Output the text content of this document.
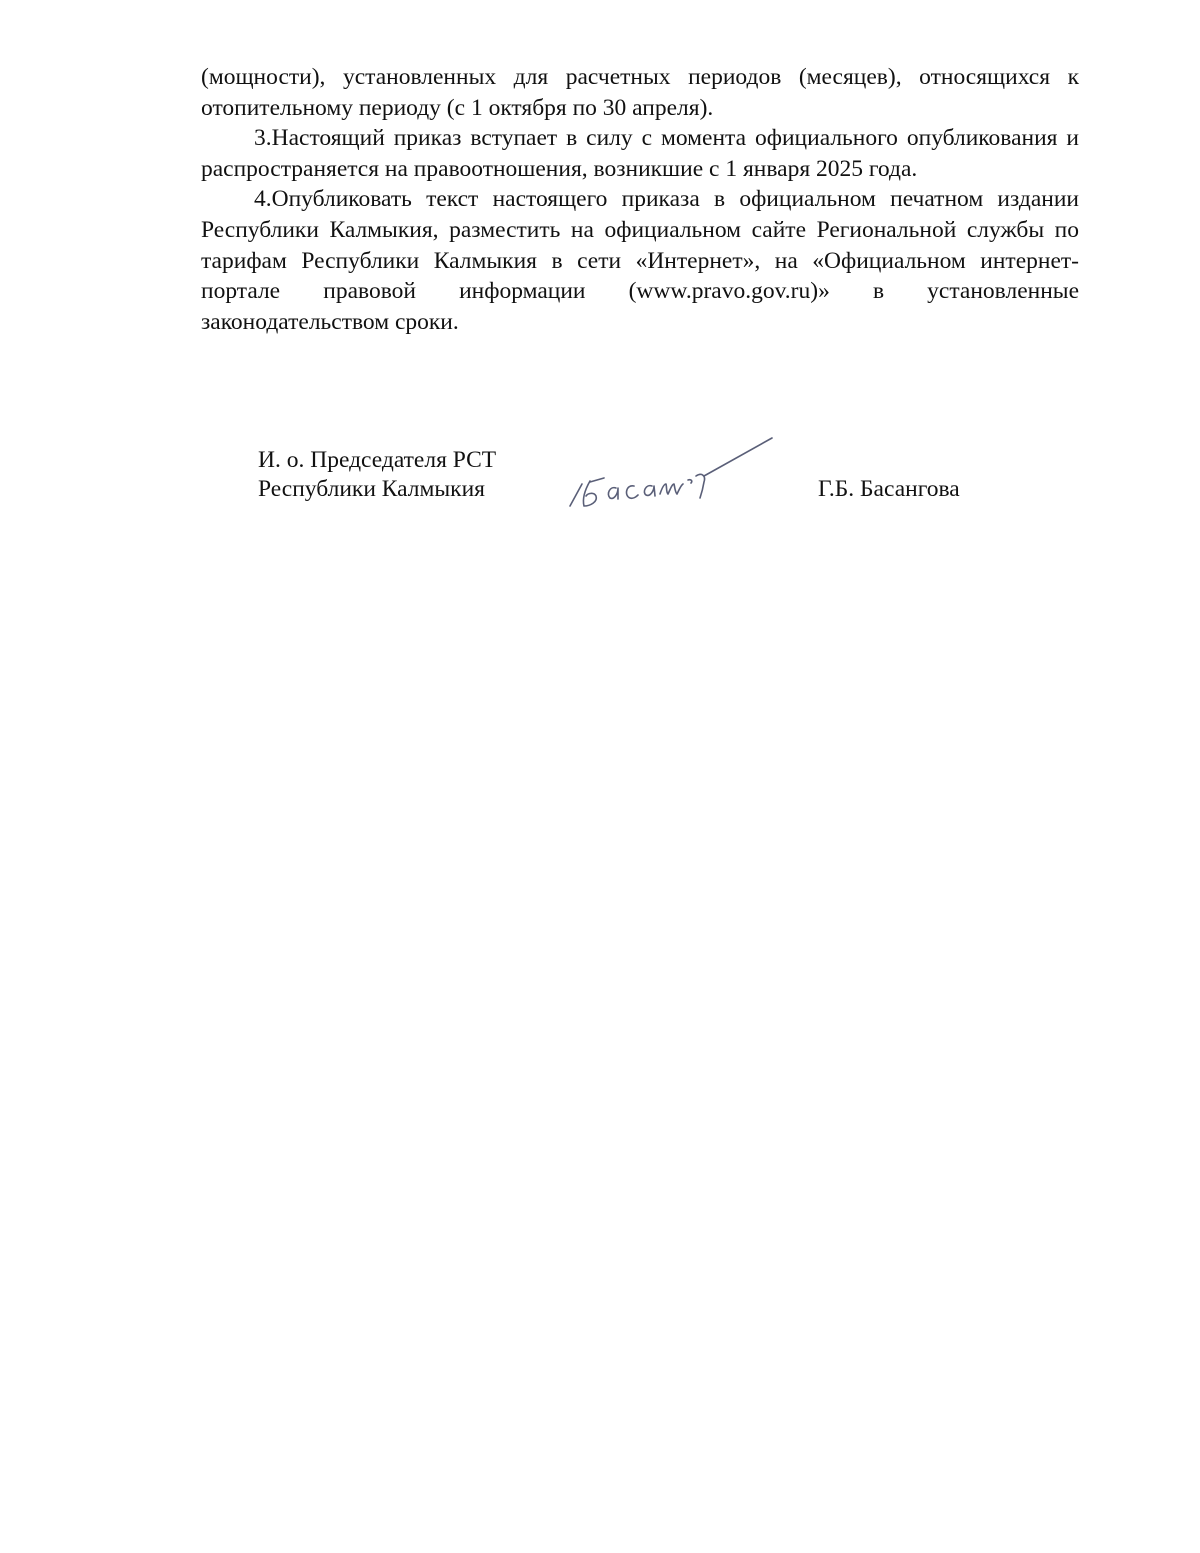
(мощности), установленных для расчетных периодов (месяцев), относящихся к отопительному периоду (с 1 октября по 30 апреля).

3.Настоящий приказ вступает в силу с момента официального опубликования и распространяется на правоотношения, возникшие с 1 января 2025 года.

4.Опубликовать текст настоящего приказа в официальном печатном издании Республики Калмыкия, разместить на официальном сайте Региональной службы по тарифам Республики Калмыкия в сети «Интернет», на «Официальном интернет-портале правовой информации (www.pravo.gov.ru)» в установленные законодательством сроки.

И. о. Председателя РСТ
Республики Калмыкия	Г.Б. Басангова
